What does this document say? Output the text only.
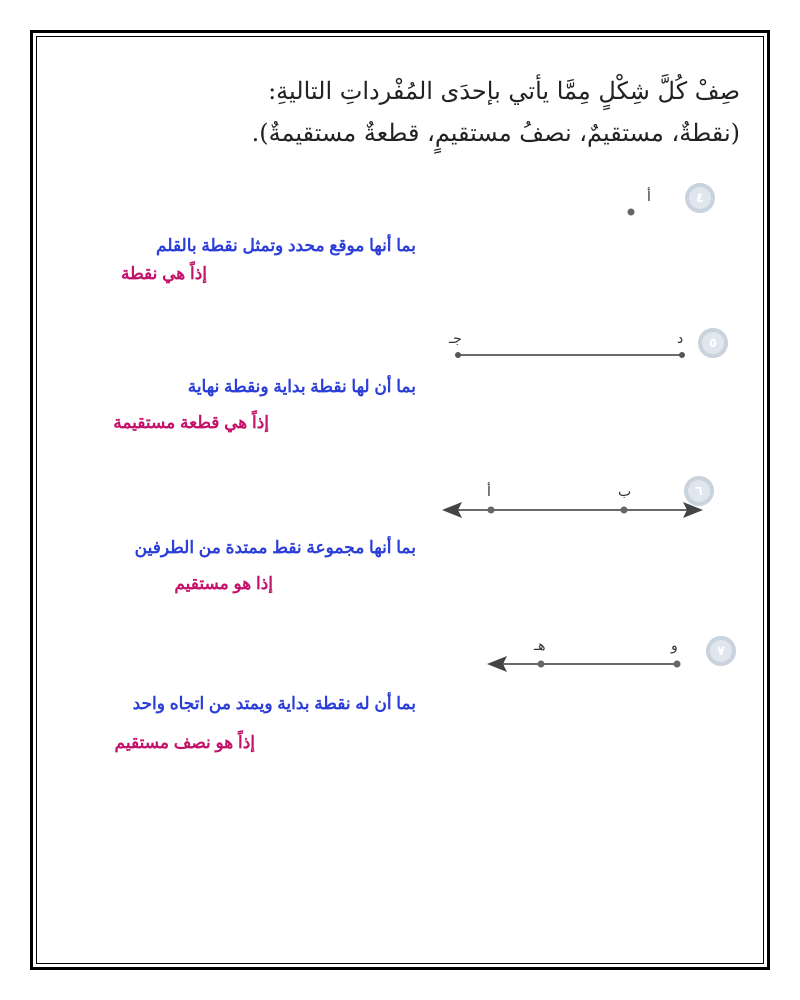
صِفْ كُلَّ شِكْلٍ مِمَّا يأتي بإحدَى المُفْرداتِ التاليةِ:
(نقطةٌ، مستقيمٌ، نصفُ مستقيمٍ، قطعةٌ مستقيمةٌ).
٤
أ
بما أنها موقع محدد وتمثل نقطة بالقلم
إذاً هي نقطة
٥
د
جـ
بما أن لها نقطة بداية ونقطة نهاية
إذاً هي قطعة مستقيمة
٦
ب
أ
بما أنها مجموعة نقط ممتدة من الطرفين
إذا هو مستقيم
٧
و
هـ
بما أن له نقطة بداية ويمتد من اتجاه واحد
إذاً هو نصف مستقيم
